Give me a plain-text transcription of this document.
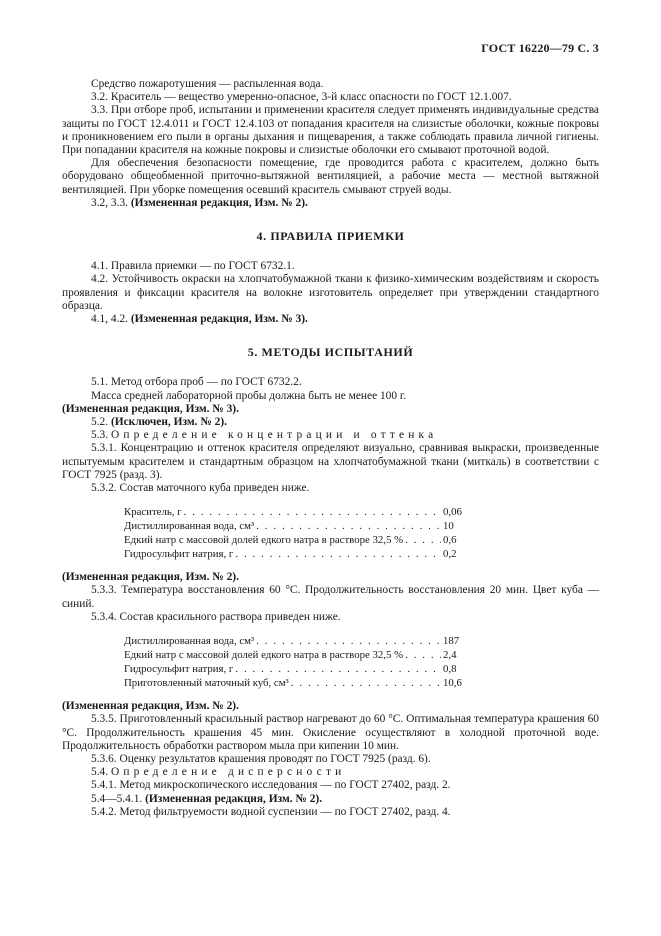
ГОСТ 16220—79 С. 3

Средство пожаротушения — распыленная вода.

3.2. Краситель — вещество умеренно-опасное, 3-й класс опасности по ГОСТ 12.1.007.

3.3. При отборе проб, испытании и применении красителя следует применять индивидуальные средства защиты по ГОСТ 12.4.011 и ГОСТ 12.4.103 от попадания красителя на слизистые оболочки, кожные покровы и проникновением его пыли в органы дыхания и пищеварения, а также соблюдать правила личной гигиены. При попадании красителя на кожные покровы и слизистые оболочки его смывают проточной водой.

Для обеспечения безопасности помещение, где проводится работа с красителем, должно быть оборудовано общеобменной приточно-вытяжной вентиляцией, а рабочие места — местной вытяжной вентиляцией. При уборке помещения осевший краситель смывают струей воды.

3.2, 3.3. (Измененная редакция, Изм. № 2).

4. ПРАВИЛА ПРИЕМКИ

4.1. Правила приемки — по ГОСТ 6732.1.

4.2. Устойчивость окраски на хлопчатобумажной ткани к физико-химическим воздействиям и скорость проявления и фиксации красителя на волокне изготовитель определяет при утверждении стандартного образца.

4.1, 4.2. (Измененная редакция, Изм. № 3).

5. МЕТОДЫ ИСПЫТАНИЙ

5.1. Метод отбора проб — по ГОСТ 6732.2.

Масса средней лабораторной пробы должна быть не менее 100 г.

(Измененная редакция, Изм. № 3).

5.2. (Исключен, Изм. № 2).

5.3. Определение концентрации и оттенка

5.3.1. Концентрацию и оттенок красителя определяют визуально, сравнивая выкраски, произведенные испытуемым красителем и стандартным образцом на хлопчатобумажной ткани (миткаль) в соответствии с ГОСТ 7925 (разд. 3).

5.3.2. Состав маточного куба приведен ниже.

Краситель, г . . .	0,06
Дистиллированная вода, см³ . . .	10
Едкий натр с массовой долей едкого натра в растворе 32,5 % . . .	0,6
Гидросульфит натрия, г . . .	0,2

(Измененная редакция, Изм. № 2).

5.3.3. Температура восстановления 60 °С. Продолжительность восстановления 20 мин. Цвет куба — синий.

5.3.4. Состав красильного раствора приведен ниже.

Дистиллированная вода, см³ . . .	187
Едкий натр с массовой долей едкого натра в растворе 32,5 % . . .	2,4
Гидросульфит натрия, г . . .	0,8
Приготовленный маточный куб, см³ . . .	10,6

(Измененная редакция, Изм. № 2).

5.3.5. Приготовленный красильный раствор нагревают до 60 °С. Оптимальная температура крашения 60 °С. Продолжительность крашения 45 мин. Окисление осуществляют в холодной проточной воде. Продолжительность обработки раствором мыла при кипении 10 мин.

5.3.6. Оценку результатов крашения проводят по ГОСТ 7925 (разд. 6).

5.4. Определение дисперсности

5.4.1. Метод микроскопического исследования — по ГОСТ 27402, разд. 2.

5.4—5.4.1. (Измененная редакция, Изм. № 2).

5.4.2. Метод фильтруемости водной суспензии — по ГОСТ 27402, разд. 4.
